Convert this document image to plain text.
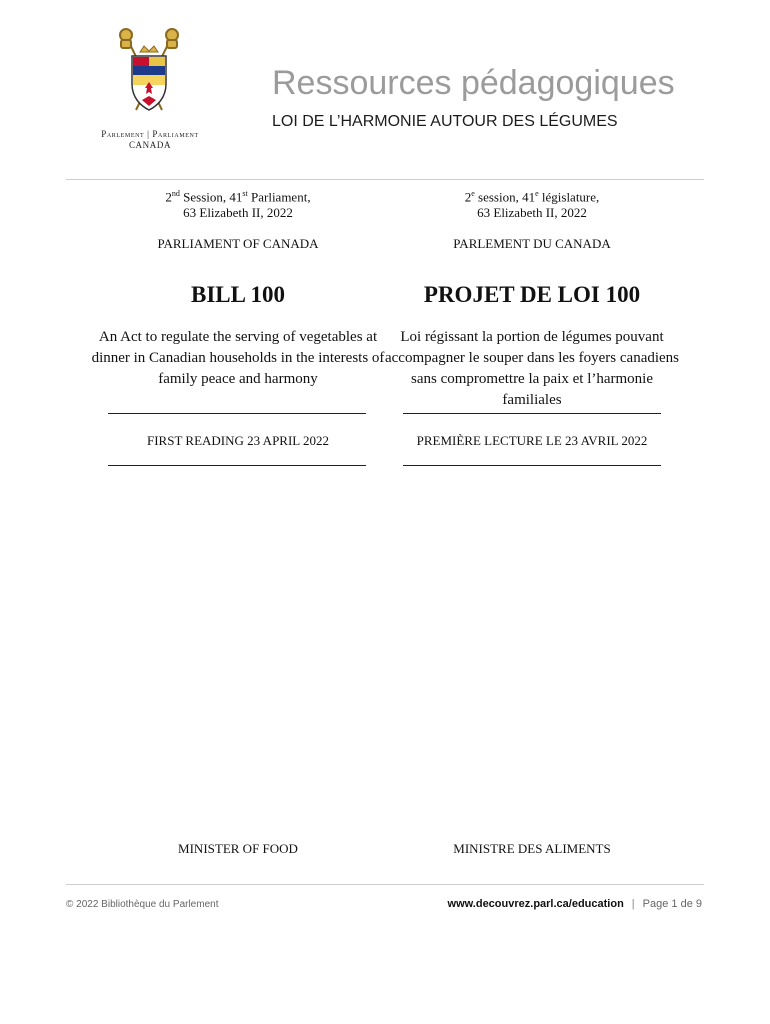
Parlement | Parliament
CANADA
Ressources pédagogiques
LOI DE L’HARMONIE AUTOUR DES LÉGUMES
2nd Session, 41st Parliament,
63 Elizabeth II, 2022
2e session, 41e législature,
63 Elizabeth II, 2022
PARLIAMENT OF CANADA	PARLEMENT DU CANADA
BILL 100	PROJET DE LOI 100
An Act to regulate the serving of vegetables at dinner in Canadian households in the interests of family peace and harmony
Loi régissant la portion de légumes pouvant accompagner le souper dans les foyers canadiens sans compromettre la paix et l’harmonie familiales
FIRST READING 23 APRIL 2022	PREMIÈRE LECTURE LE 23 AVRIL 2022
MINISTER OF FOOD	MINISTRE DES ALIMENTS
© 2022 Bibliothèque du Parlement	www.decouvrez.parl.ca/education | Page 1 de 9
